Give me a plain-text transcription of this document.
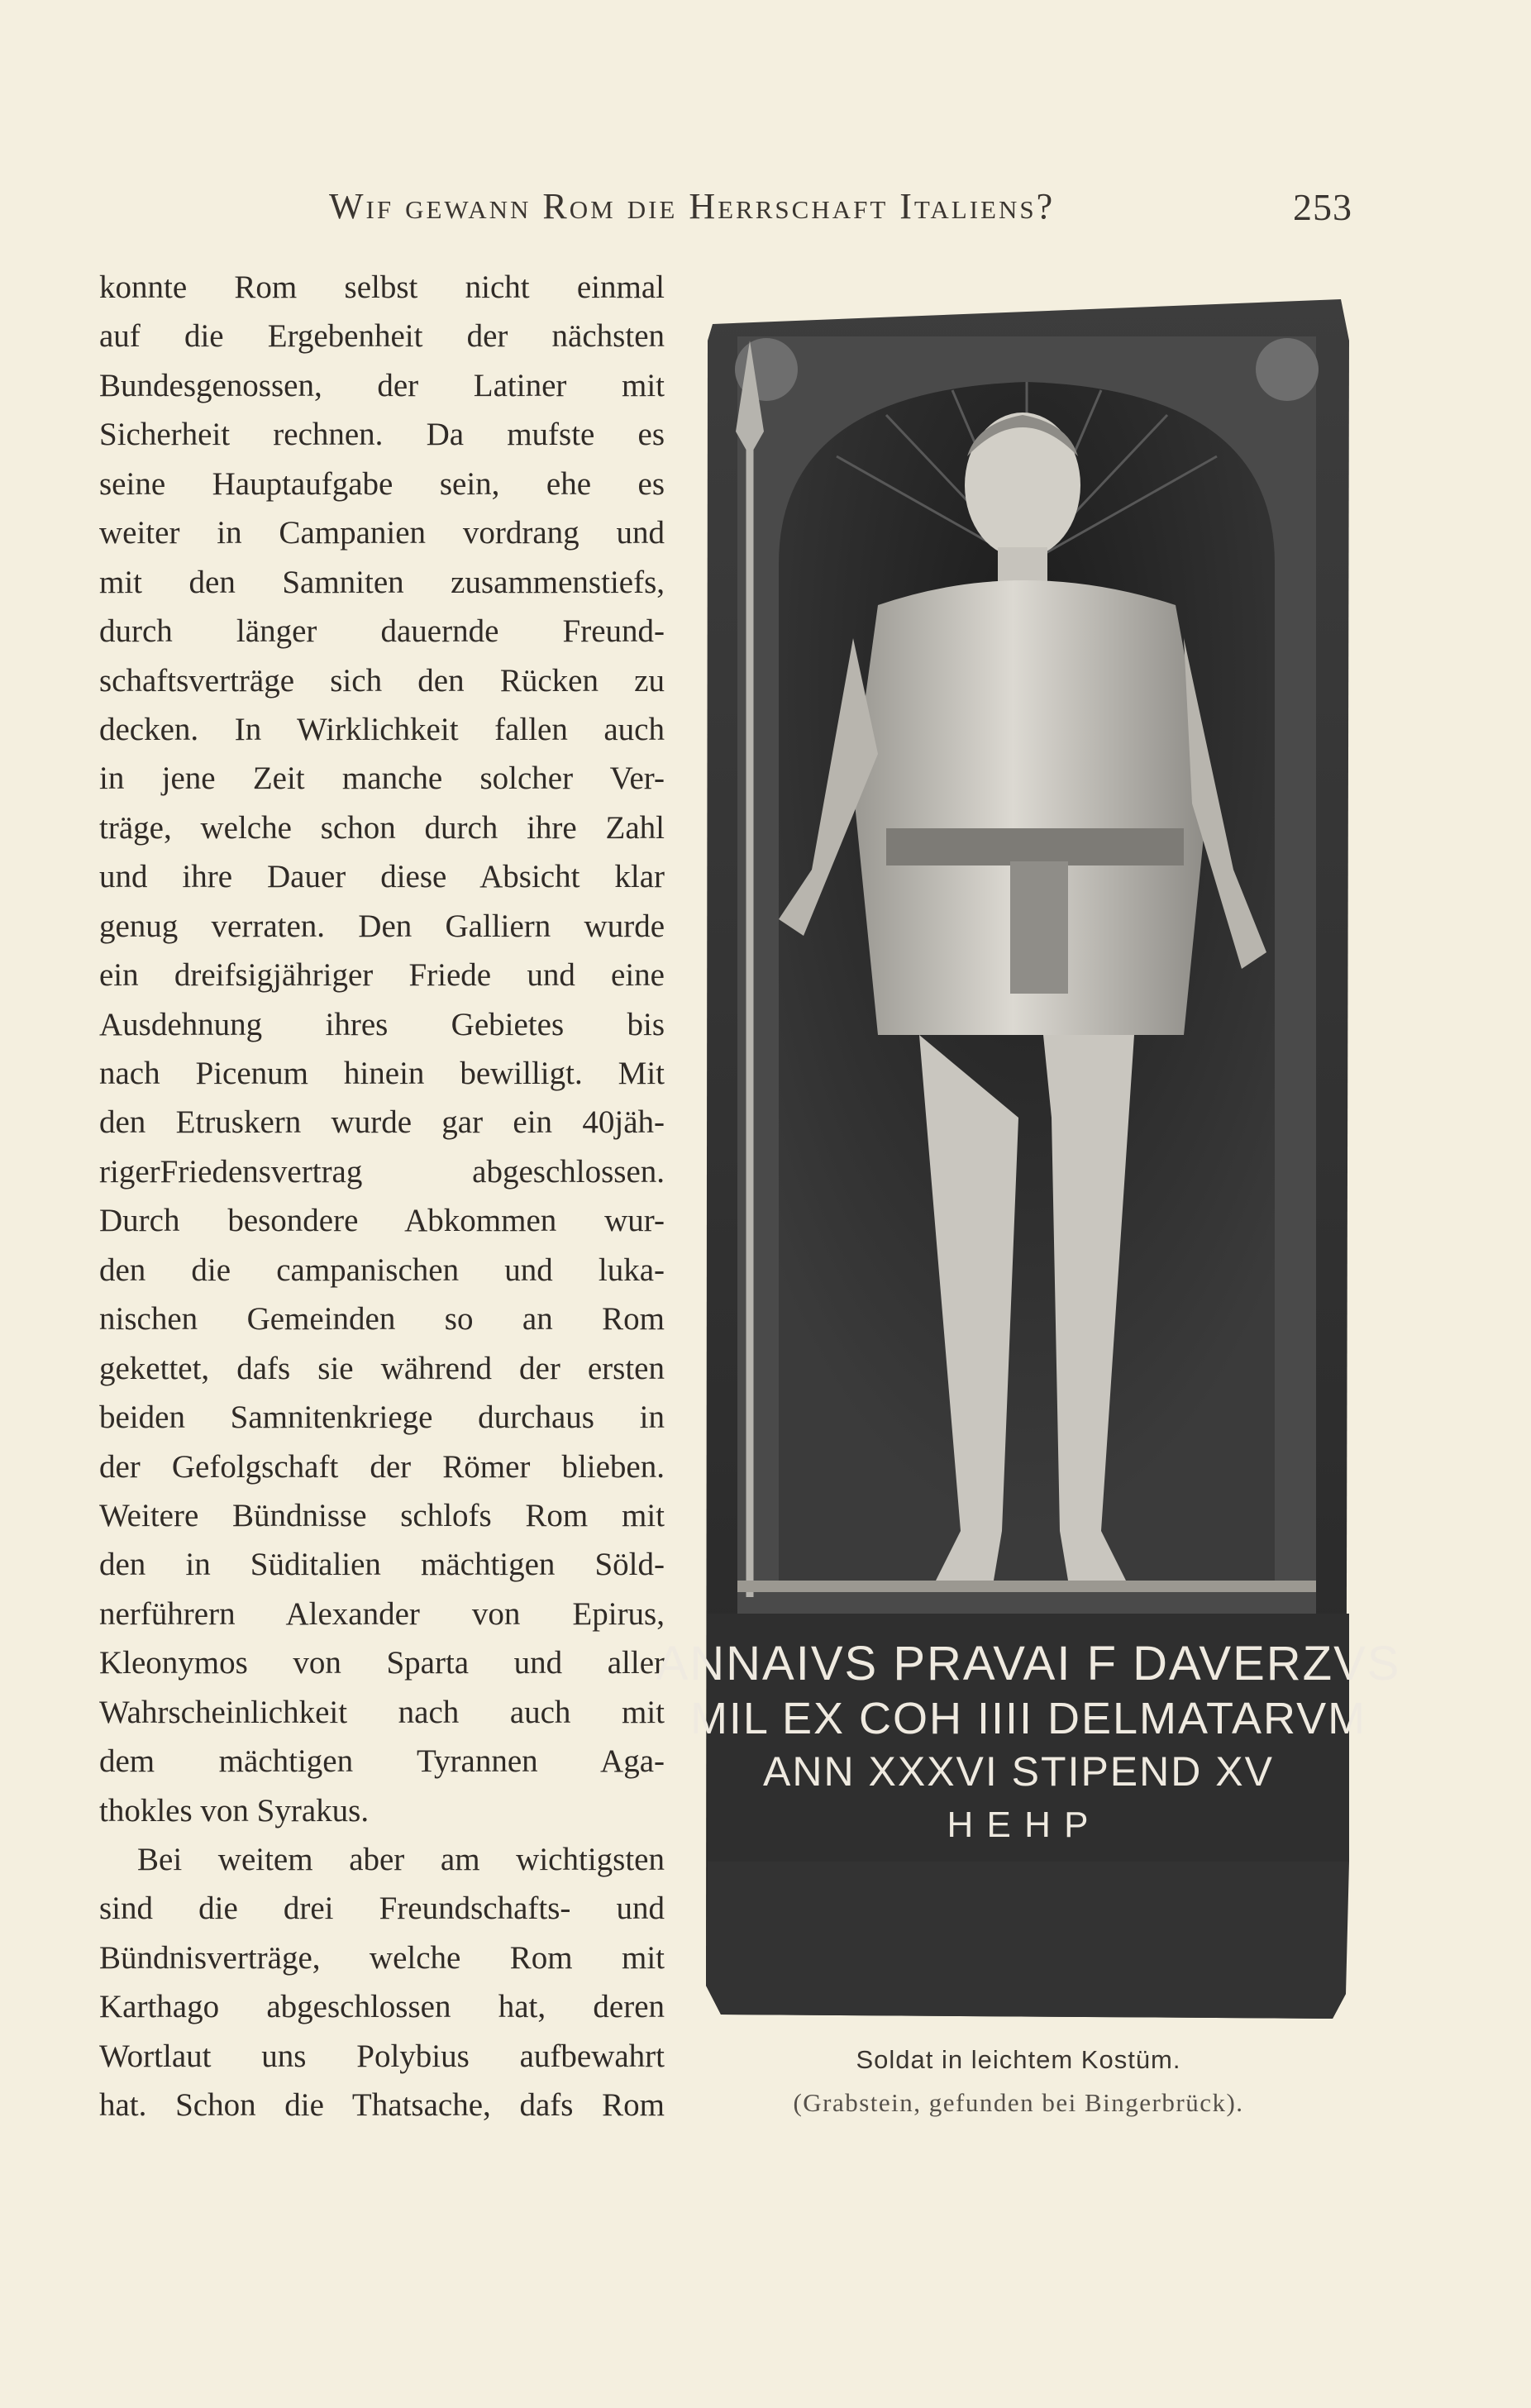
Wif gewann Rom die Herrschaft Italiens?	253
konnte Rom selbst nicht einmal
auf die Ergebenheit der nächsten
Bundesgenossen, der Latiner mit
Sicherheit rechnen. Da mufste es
seine Hauptaufgabe sein, ehe es
weiter in Campanien vordrang und
mit den Samniten zusammenstiefs,
durch länger dauernde Freund-
schaftsverträge sich den Rücken zu
decken. In Wirklichkeit fallen auch
in jene Zeit manche solcher Ver-
träge, welche schon durch ihre Zahl
und ihre Dauer diese Absicht klar
genug verraten. Den Galliern wurde
ein dreifsigjähriger Friede und eine
Ausdehnung ihres Gebietes bis
nach Picenum hinein bewilligt. Mit
den Etruskern wurde gar ein 40jäh-
rigerFriedensvertrag abgeschlossen.
Durch besondere Abkommen wur-
den die campanischen und luka-
nischen Gemeinden so an Rom
gekettet, dafs sie während der ersten
beiden Samnitenkriege durchaus in
der Gefolgschaft der Römer blieben.
Weitere Bündnisse schlofs Rom mit
den in Süditalien mächtigen Söld-
nerführern Alexander von Epirus,
Kleonymos von Sparta und aller
Wahrscheinlichkeit nach auch mit
dem mächtigen Tyrannen Aga-
thokles von Syrakus.
Bei weitem aber am wichtigsten
sind die drei Freundschafts- und
Bündnisverträge, welche Rom mit
Karthago abgeschlossen hat, deren
Wortlaut uns Polybius aufbewahrt
hat. Schon die Thatsache, dafs Rom
ANNAIVS PRAVAI F DAVERZVS
MIL EX COH IIII DELMATARVM
ANN XXXVI STIPEND XV
H E H P
Soldat in leichtem Kostüm.
(Grabstein, gefunden bei Bingerbrück).
